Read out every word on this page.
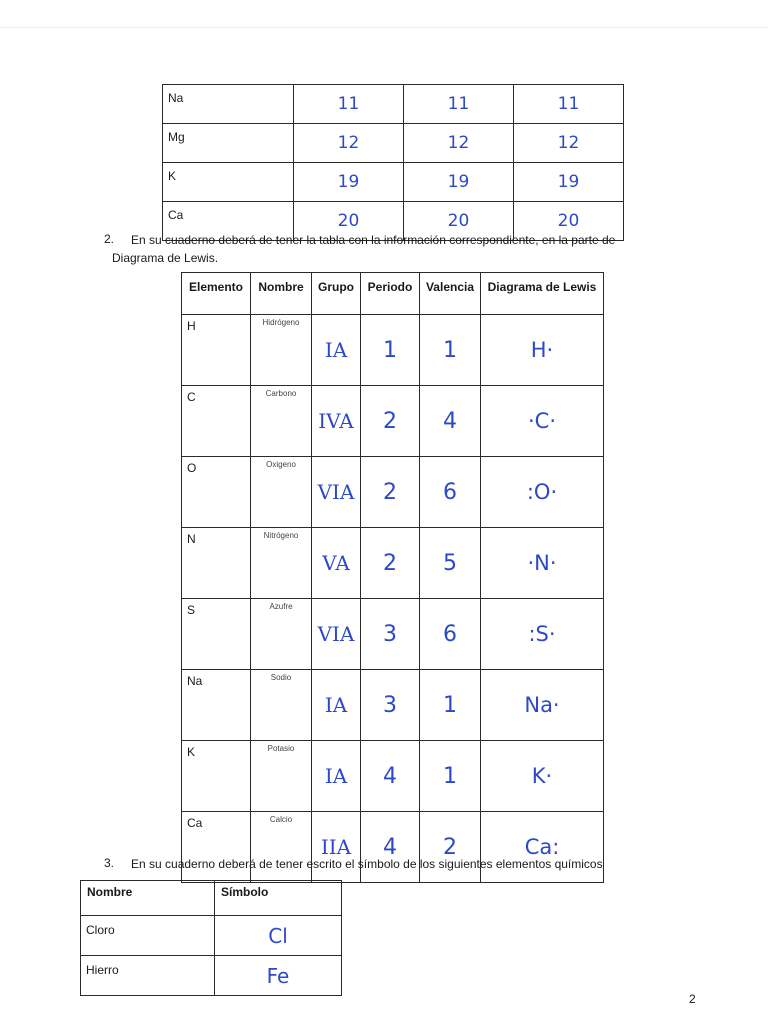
Na	11	11	11
Mg	12	12	12
K	19	19	19
Ca	20	20	20
2. En su cuaderno deberá de tener la tabla con la información correspondiente, en la parte de
Diagrama de Lewis.
Elemento	Nombre	Grupo	Periodo	Valencia	Diagrama de Lewis
H	Hidrógeno	IA	1	1	H·
C	Carbono	IVA	2	4	·C·
O	Oxigeno	VIA	2	6	:O·
N	Nitrógeno	VA	2	5	·N·
S	Azufre	VIA	3	6	:S·
Na	Sodio	IA	3	1	Na·
K	Potasio	IA	4	1	K·
Ca	Calcio	IIA	4	2	Ca:
3. En su cuaderno deberá de tener escrito el símbolo de los siguientes elementos químicos
Nombre	Símbolo
Cloro	Cl
Hierro	Fe
2
